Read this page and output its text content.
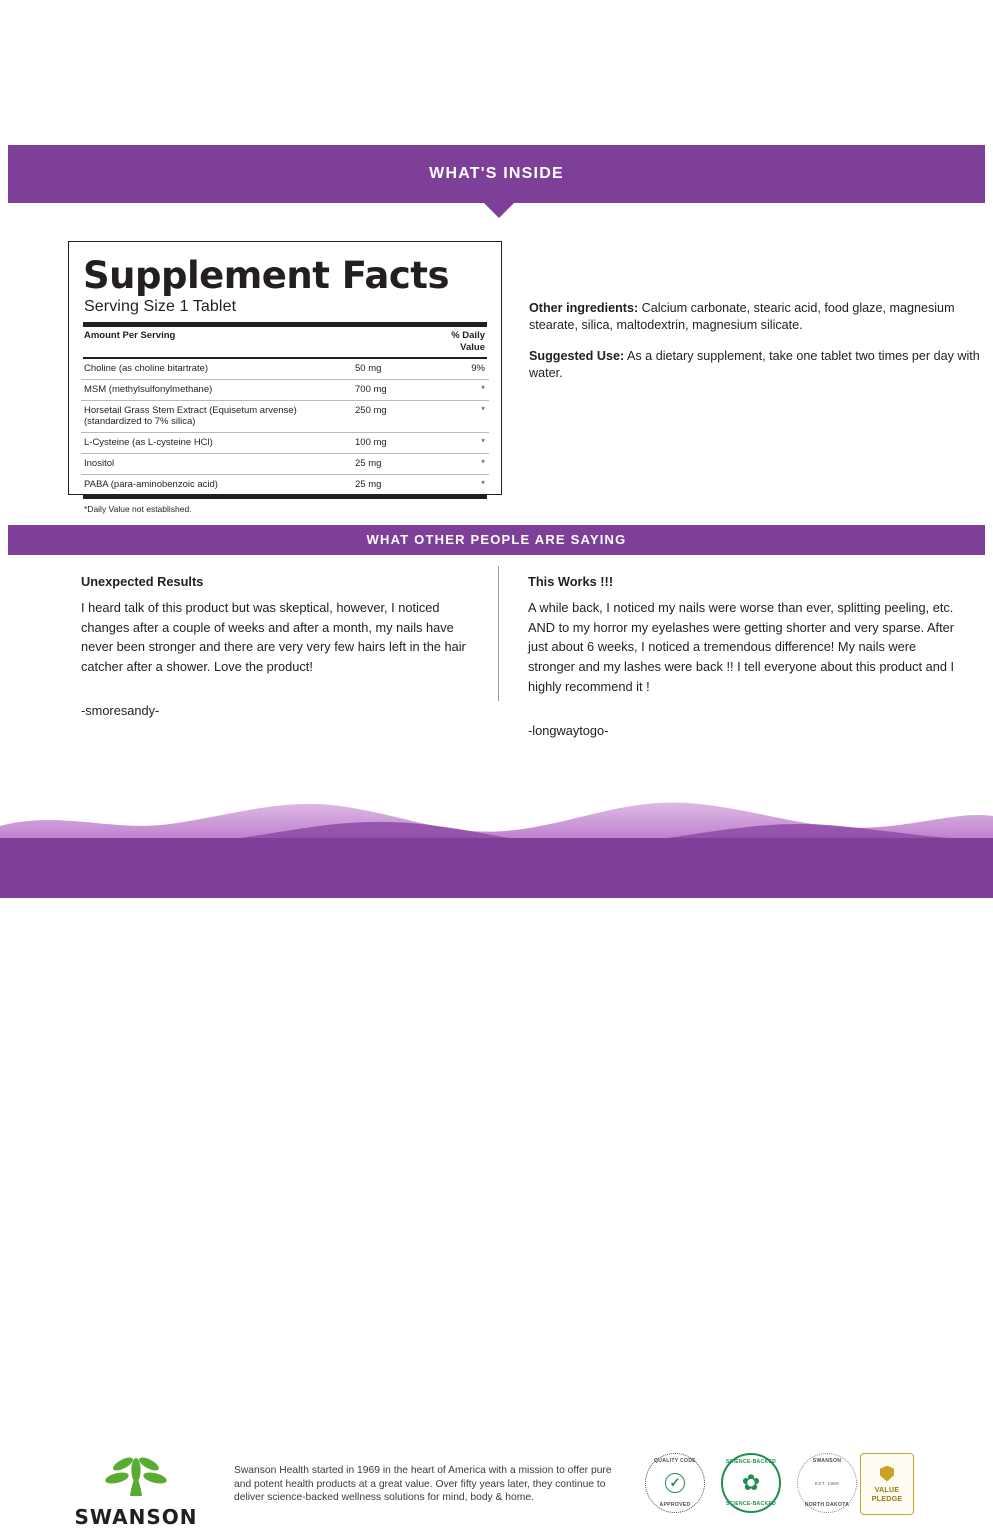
WHAT'S INSIDE
Supplement Facts
Serving Size 1 Tablet
Amount Per Serving		% Daily Value
Choline (as choline bitartrate)	50 mg	9%
MSM (methylsulfonylmethane)	700 mg	*
Horsetail Grass Stem Extract (Equisetum arvense) (standardized to 7% silica)	250 mg	*
L-Cysteine (as L-cysteine HCl)	100 mg	*
Inositol	25 mg	*
PABA (para-aminobenzoic acid)	25 mg	*
*Daily Value not established.

Other ingredients: Calcium carbonate, stearic acid, food glaze, magnesium stearate, silica, maltodextrin, magnesium silicate.

Suggested Use: As a dietary supplement, take one tablet two times per day with water.

WHAT OTHER PEOPLE ARE SAYING

Unexpected Results

I heard talk of this product but was skeptical, however, I noticed changes after a couple of weeks and after a month, my nails have never been stronger and there are very very few hairs left in the hair catcher after a shower. Love the product!

-smoresandy-

This Works !!!

A while back, I noticed my nails were worse than ever, splitting peeling, etc. AND to my horror my eyelashes were getting shorter and very sparse. After just about 6 weeks, I noticed a tremendous difference! My nails were stronger and my lashes were back !! I tell everyone about this product and I highly recommend it !

-longwaytogo-

SWANSON
Swanson Health started in 1969 in the heart of America with a mission to offer pure and potent health products at a great value. Over fifty years later, they continue to deliver science-backed wellness solutions for mind, body & home.
QUALITY CODE
APPROVED
✓
SCIENCE-BACKED
SCIENCE-BACKED
✿
SWANSON
NORTH DAKOTA
EST. 1969
VALUE
PLEDGE
